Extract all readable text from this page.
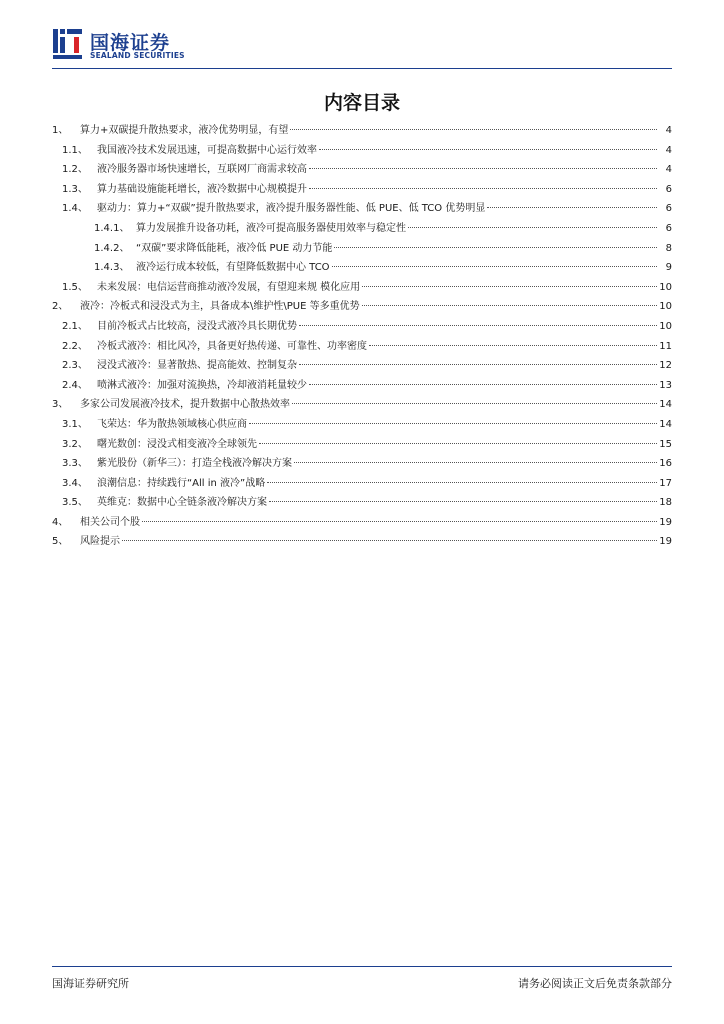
国海证券
SEALAND SECURITIES
内容目录
1、	算力+双碳提升散热要求，液冷优势明显，有望	4
1.1、 我国液冷技术发展迅速，可提高数据中心运行效率	4
1.2、 液冷服务器市场快速增长，互联网厂商需求较高	4
1.3、 算力基础设施能耗增长，液冷数据中心规模提升	6
1.4、 驱动力：算力+“双碳”提升散热要求，液冷提升服务器性能、低 PUE、低 TCO 优势明显	6
1.4.1、 算力发展推升设备功耗，液冷可提高服务器使用效率与稳定性	6
1.4.2、 “双碳”要求降低能耗，液冷低 PUE 动力节能	8
1.4.3、 液冷运行成本较低，有望降低数据中心 TCO	9
1.5、 未来发展：电信运营商推动液冷发展，有望迎来规 模化应用	10
2、	液冷：冷板式和浸没式为主，具备成本\维护性\PUE 等多重优势	10
2.1、 目前冷板式占比较高，浸没式液冷具长期优势	10
2.2、 冷板式液冷：相比风冷，具备更好热传递、可靠性、功率密度	11
2.3、 浸没式液冷：显著散热、提高能效、控制复杂	12
2.4、 喷淋式液冷：加强对流换热，冷却液消耗量较少	13
3、	多家公司发展液冷技术，提升数据中心散热效率	14
3.1、 飞荣达：华为散热领域核心供应商	14
3.2、 曙光数创：浸没式相变液冷全球领先	15
3.3、 紫光股份（新华三）：打造全栈液冷解决方案	16
3.4、 浪潮信息：持续践行“All in 液冷”战略	17
3.5、 英维克：数据中心全链条液冷解决方案	18
4、	相关公司个股	19
5、	风险提示	19
国海证券研究所	请务必阅读正文后免责条款部分
